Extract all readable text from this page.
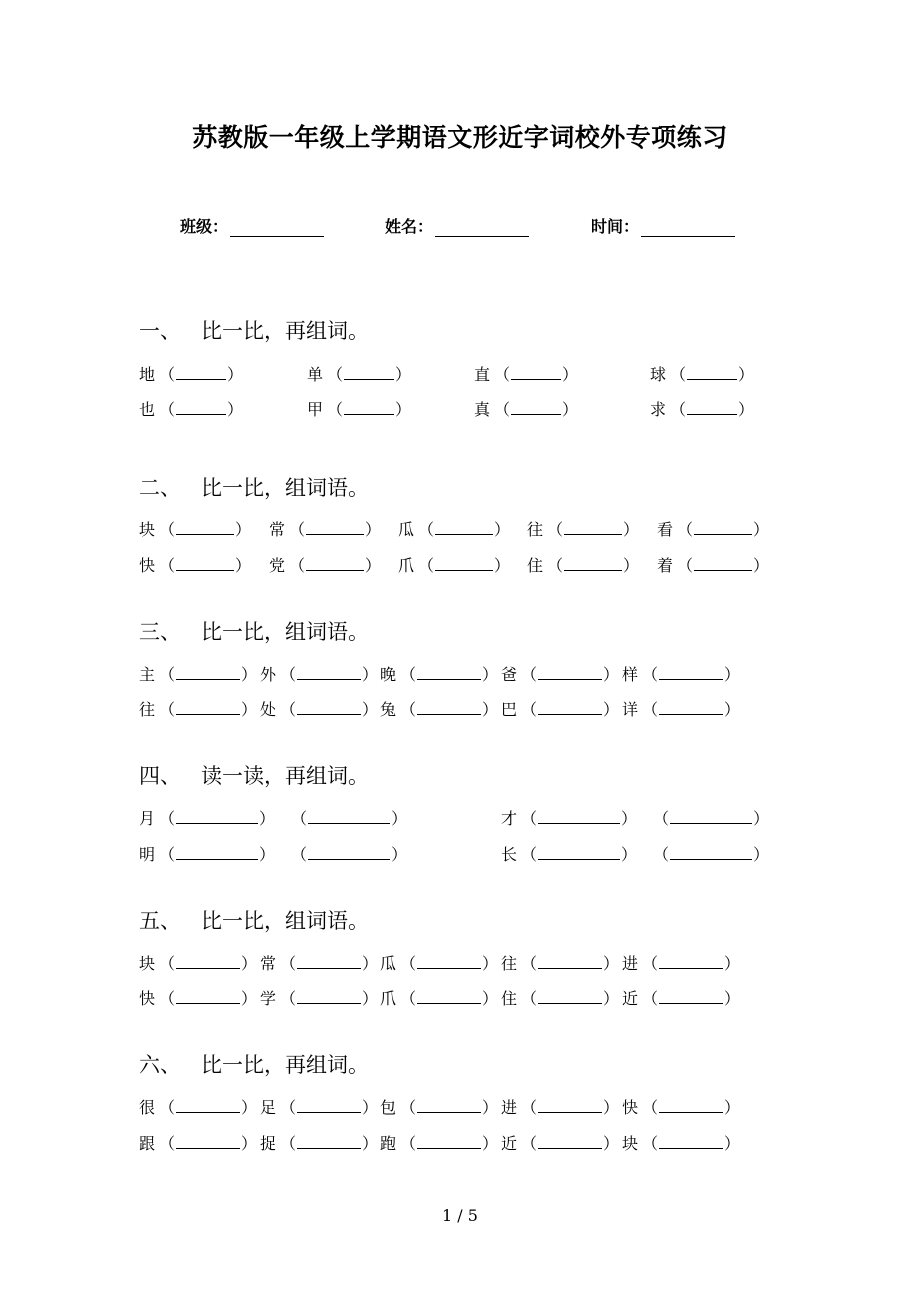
苏教版一年级上学期语文形近字词校外专项练习
班级：	姓名：	时间：
一、 比一比，再组词。
地 （	）	单 （	）	直 （	）	球 （	）
也 （	）	甲 （	）	真 （	）	求 （	）
二、 比一比，组词语。
块 （	） 常 （	） 瓜 （	） 往 （	） 看 （	）
快 （	） 党 （	） 爪 （	） 住 （	） 着 （	）
三、 比一比，组词语。
主 （	） 外 （	） 晚 （	） 爸 （	） 样 （	）
往 （	） 处 （	） 兔 （	） 巴 （	） 详 （	）
四、 读一读，再组词。
月 （	） （	）	才 （	） （	）
明 （	） （	）	长 （	） （	）
五、 比一比，组词语。
块 （	） 常 （	） 瓜 （	） 往 （	） 进 （	）
快 （	） 学 （	） 爪 （	） 住 （	） 近 （	）
六、 比一比，再组词。
很 （	） 足 （	） 包 （	） 进 （	） 快 （	）
跟 （	） 捉 （	） 跑 （	） 近 （	） 块 （	）
1 / 5
